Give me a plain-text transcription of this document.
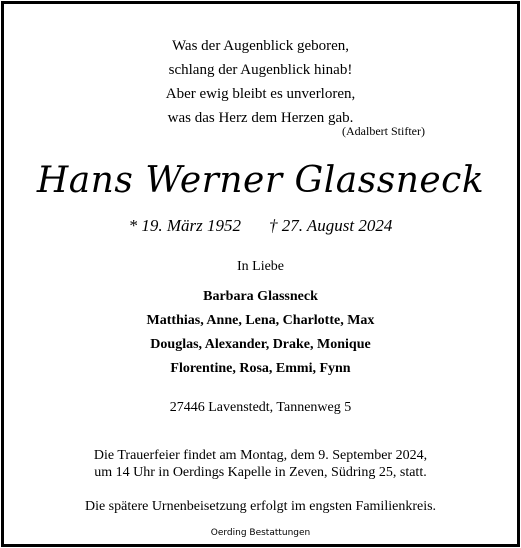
Was der Augenblick geboren,
schlang der Augenblick hinab!
Aber ewig bleibt es unverloren,
was das Herz dem Herzen gab.
(Adalbert Stifter)
Hans Werner Glassneck
* 19. März 1952 † 27. August 2024
In Liebe
Barbara Glassneck
Matthias, Anne, Lena, Charlotte, Max
Douglas, Alexander, Drake, Monique
Florentine, Rosa, Emmi, Fynn
27446 Lavenstedt, Tannenweg 5
Die Trauerfeier findet am Montag, dem 9. September 2024,
um 14 Uhr in Oerdings Kapelle in Zeven, Südring 25, statt.
Die spätere Urnenbeisetzung erfolgt im engsten Familienkreis.
Oerding Bestattungen
